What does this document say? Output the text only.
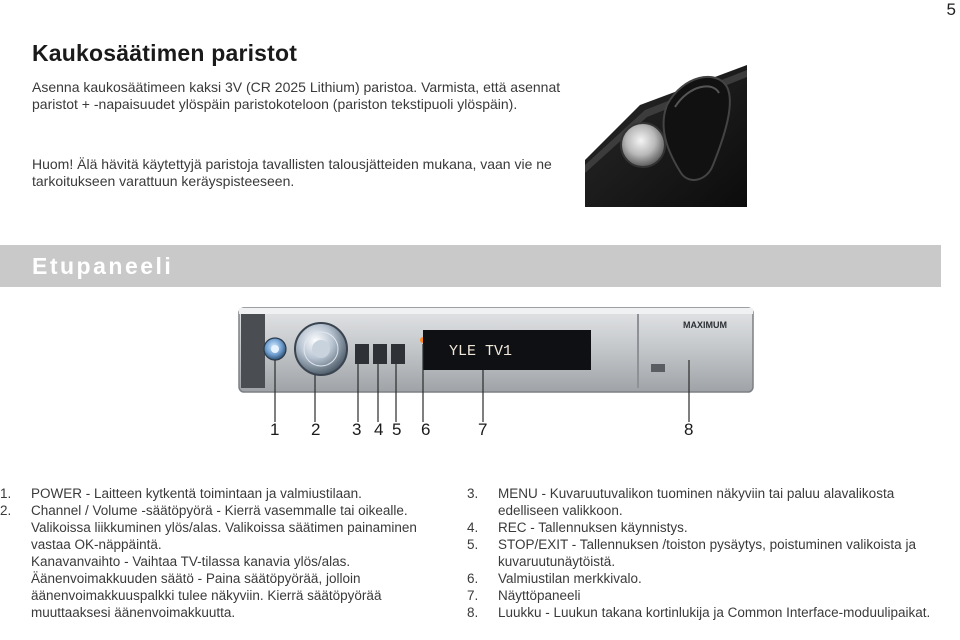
5
Kaukosäätimen paristot

Asenna kaukosäätimeen kaksi 3V (CR 2025 Lithium) paristoa. Varmista, että asennat paristot + -napaisuudet ylöspäin paristokoteloon (pariston tekstipuoli ylöspäin).

Huom! Älä hävitä käytettyjä paristoja tavallisten talousjätteiden mukana, vaan vie ne tarkoitukseen varattuun keräyspisteeseen.

Etupaneeli
YLE TV1
MAXIMUM
1 2 3 4 5 6	7	8
1.	POWER - Laitteen kytkentä toimintaan ja valmiustilaan.
2.	Channel / Volume -säätöpyörä - Kierrä vasemmalle tai oikealle.
Valikoissa liikkuminen ylös/alas. Valikoissa säätimen painaminen vastaa OK-näppäintä.
Kanavanvaihto - Vaihtaa TV-tilassa kanavia ylös/alas.
Äänenvoimakkuuden säätö - Paina säätöpyörää, jolloin äänenvoimakkuuspalkki tulee näkyviin. Kierrä säätöpyörää muuttaaksesi äänenvoimakkuutta.
3.	MENU - Kuvaruutuvalikon tuominen näkyviin tai paluu alavalikosta edelliseen valikkoon.
4.	REC - Tallennuksen käynnistys.
5.	STOP/EXIT - Tallennuksen /toiston pysäytys, poistuminen valikoista ja kuvaruutunäytöistä.
6.	Valmiustilan merkkivalo.
7.	Näyttöpaneeli
8.	Luukku - Luukun takana kortinlukija ja Common Interface-moduulipaikat.
